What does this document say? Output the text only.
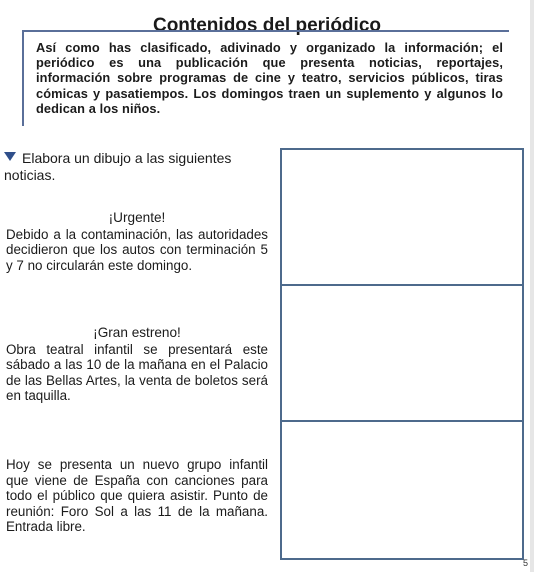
Contenidos del periódico

Así como has clasificado, adivinado y organizado la información; el periódico es una publicación que presenta noticias, reportajes, información sobre programas de cine y teatro, servicios públicos, tiras cómicas y pasatiempos. Los domingos traen un suplemento y algunos lo dedican a los niños.

Elabora un dibujo a las siguientes noticias.
¡Urgente!

Debido a la contaminación, las autoridades decidieron que los autos con terminación 5 y 7 no circularán este domingo.

¡Gran estreno!

Obra teatral infantil se presentará este sábado a las 10 de la mañana en el Palacio de las Bellas Artes, la venta de boletos será en taquilla.

Hoy se presenta un nuevo grupo infantil que viene de España con canciones para todo el público que quiera asistir. Punto de reunión: Foro Sol a las 11 de la mañana. Entrada libre.

5
